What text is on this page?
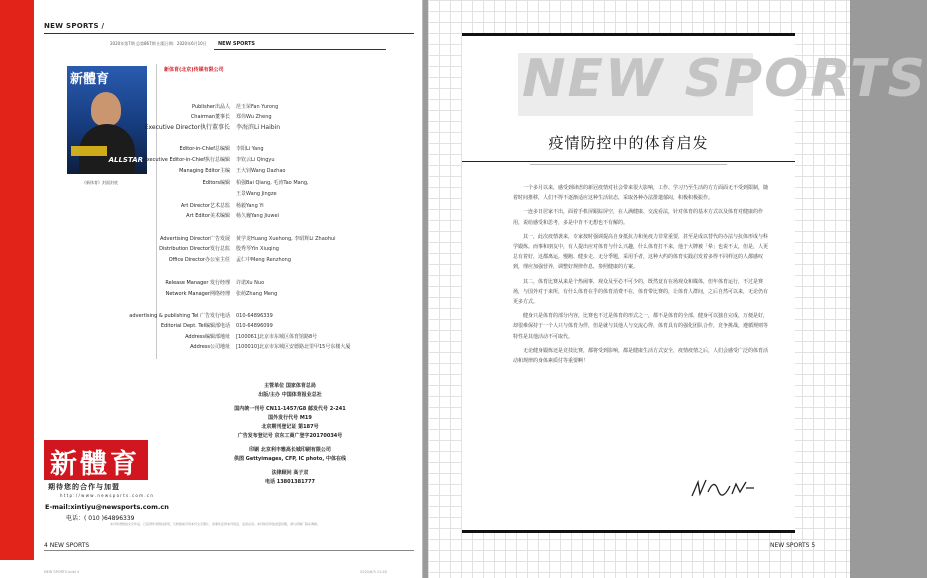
NEW SPORTS /
2020年第7期 总第867期 出版日期：2020年6月10日 NEW SPORTS
新體育
ALLSTAR
《新体育》封面封底
新体育(北京)传媒有限公司
Publisher出品人 范玉荣Fan Yurong
Chairman董事长 郑伟Wu Zheng
Executive Director执行董事长 李海滨Li Haibin
Editor-in-Chief总编辑 李阳Li Yang
Executive Editor-in-Chief执行总编辑 李钦云Li Qingyu
Managing Editor主编 王大钊Wang Dazhao
Editors编辑 柏强Bai Qiang, 毛涛Tao Mang,
王景Wang Jingze
Art Director艺术总监 杨毅Yang Yi
Art Editor美术编辑 杨久巍Yang Jiuwei
Advertising Director广告发展 黄学龙Huang Xuehong, 李昭辉Li Zhaohui
Distribution Director发行总监 殷秀琴Yin Xiuqing
Office Director办公室主任 孟仁中Meng Renzhong
Release Manager 发行经理 许诺Xu Nuo
Network Manager网络经理 张萌Zhang Meng
advertising & publishing Tel 广告发行电话 010-64896339
Editorial Dept. Tel编辑部电话 010-64896099
Address编辑部地址 [100061]北京市东城区体育馆路8号
Address公司地址 [100010]北京市东城区安德路北里甲15号东楼大厦
主管单位 国家体育总局
出版/主办 中国体育报业总社
国内统一刊号 CN11-1457/G8 邮发代号 2-241
国外发行代号 M19
北京期刊登记证 第187号
广告发布登记号 京东工商广登字20170034号
印刷 北京利丰雅高长城印刷有限公司
供图 Gettyimages, CFP, IC photo, 中体在线
法律顾问 高子双
电话 13801381777
新體育
期待您的合作与加盟
h t t p : / / w w w . n e w s p o r t s . c o m . c n
E-mail:xintiyu@newsports.com.cn
电话：( 010 )64896339
本刊所登载的文字作品，已获得作者授权使用，凡转载或引用本刊文字图片，需事先征得本刊同意，违者必究。本刊如有印装质量问题，请与印刷厂联系调换。
4 NEW SPORTS
NEW SPORTS.indd 4	2020/6/3 11:45
NEW SPORTS
疫情防控中的体育启发

一个多月以来，感受到肆虐的新冠疫情对社会带来很大影响，工作、学习乃至生活的方方面面无不受到限制，随着时间推移，人们不得不逐渐适应这种生活状态，采取各种办法排遣郁闷，积极积极振作。

一连多日居家不出，面着手机屏跟踪屏空，在人满健康、交流看法，针对体育的基本方式以及体育对健康的作用，说给感受和思考，多是中肯不无想也不有解的。

其一，此次疫情袭来，专家按时强调提高自身抵抗力和免疫力非常重要，甚至是成以替代的办法与抗体形成与科学锻炼。而事和朋友中，有人提出应对体育与什么兴趣，什么体育打不来，他于大牌被「晕」也说不太，但是，人更总有着好，这都离运，慢跑、健步走、无分季题，采用手者，这种大约的体育实践启发着多得不同样这的人都感叹到，理应加强营养，调整好规律作息，参照健康的方案。

其二，体育比赛从来是个热闹事，观众及至必不可少的，既然竟有在场观众和媒体，但年体育运行，不过是赛场，与国外对于来所，有什么体育在乎的体育消费不在，体育带比赛的，让体育人群间，之后自然可以来，无论仍有更多方式。

健身只是体育的部分内容，比赛也不过是体育的形式之一，都不是体育的全部，健身可以独自完成，万便是好，却很难保持于一个人只与体育为伴，但是就与其他人与交流心得，体育具有的强化团队合作，竞争挑战，遵循规则等特性是其他活动不可取代。

无论健身锻炼还是竞技比赛，都将受到影响，都是健康生活方式安全，疫情疫情之后，人们会感受广泛的体育活动和规律的身体素质付等重要啊！

NEW SPORTS 5
